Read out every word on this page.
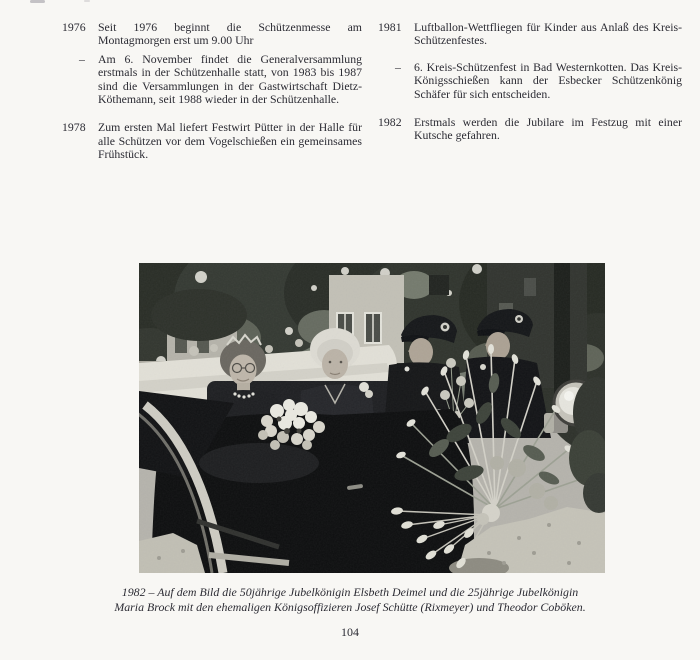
1976	Seit 1976 beginnt die Schützenmesse am Montagmorgen erst um 9.00 Uhr

– Am 6. November findet die Generalversammlung erstmals in der Schützenhalle statt, von 1983 bis 1987 sind die Versammlungen in der Gastwirtschaft Dietz-Köthemann, seit 1988 wieder in der Schützenhalle.

1978	Zum ersten Mal liefert Festwirt Pütter in der Halle für alle Schützen vor dem Vogelschießen ein gemeinsames Frühstück.

1981	Luftballon-Wettfliegen für Kinder aus Anlaß des Kreis-Schützenfestes.

– 6. Kreis-Schützenfest in Bad Westernkotten. Das Kreis-Königsschießen kann der Esbecker Schützenkönig Schäfer für sich entscheiden.

1982	Erstmals werden die Jubilare im Festzug mit einer Kutsche gefahren.

1982 – Auf dem Bild die 50jährige Jubelkönigin Elsbeth Deimel und die 25jährige Jubelkönigin
Maria Brock mit den ehemaligen Königsoffizieren Josef Schütte (Rixmeyer) und Theodor Coböken.
104
